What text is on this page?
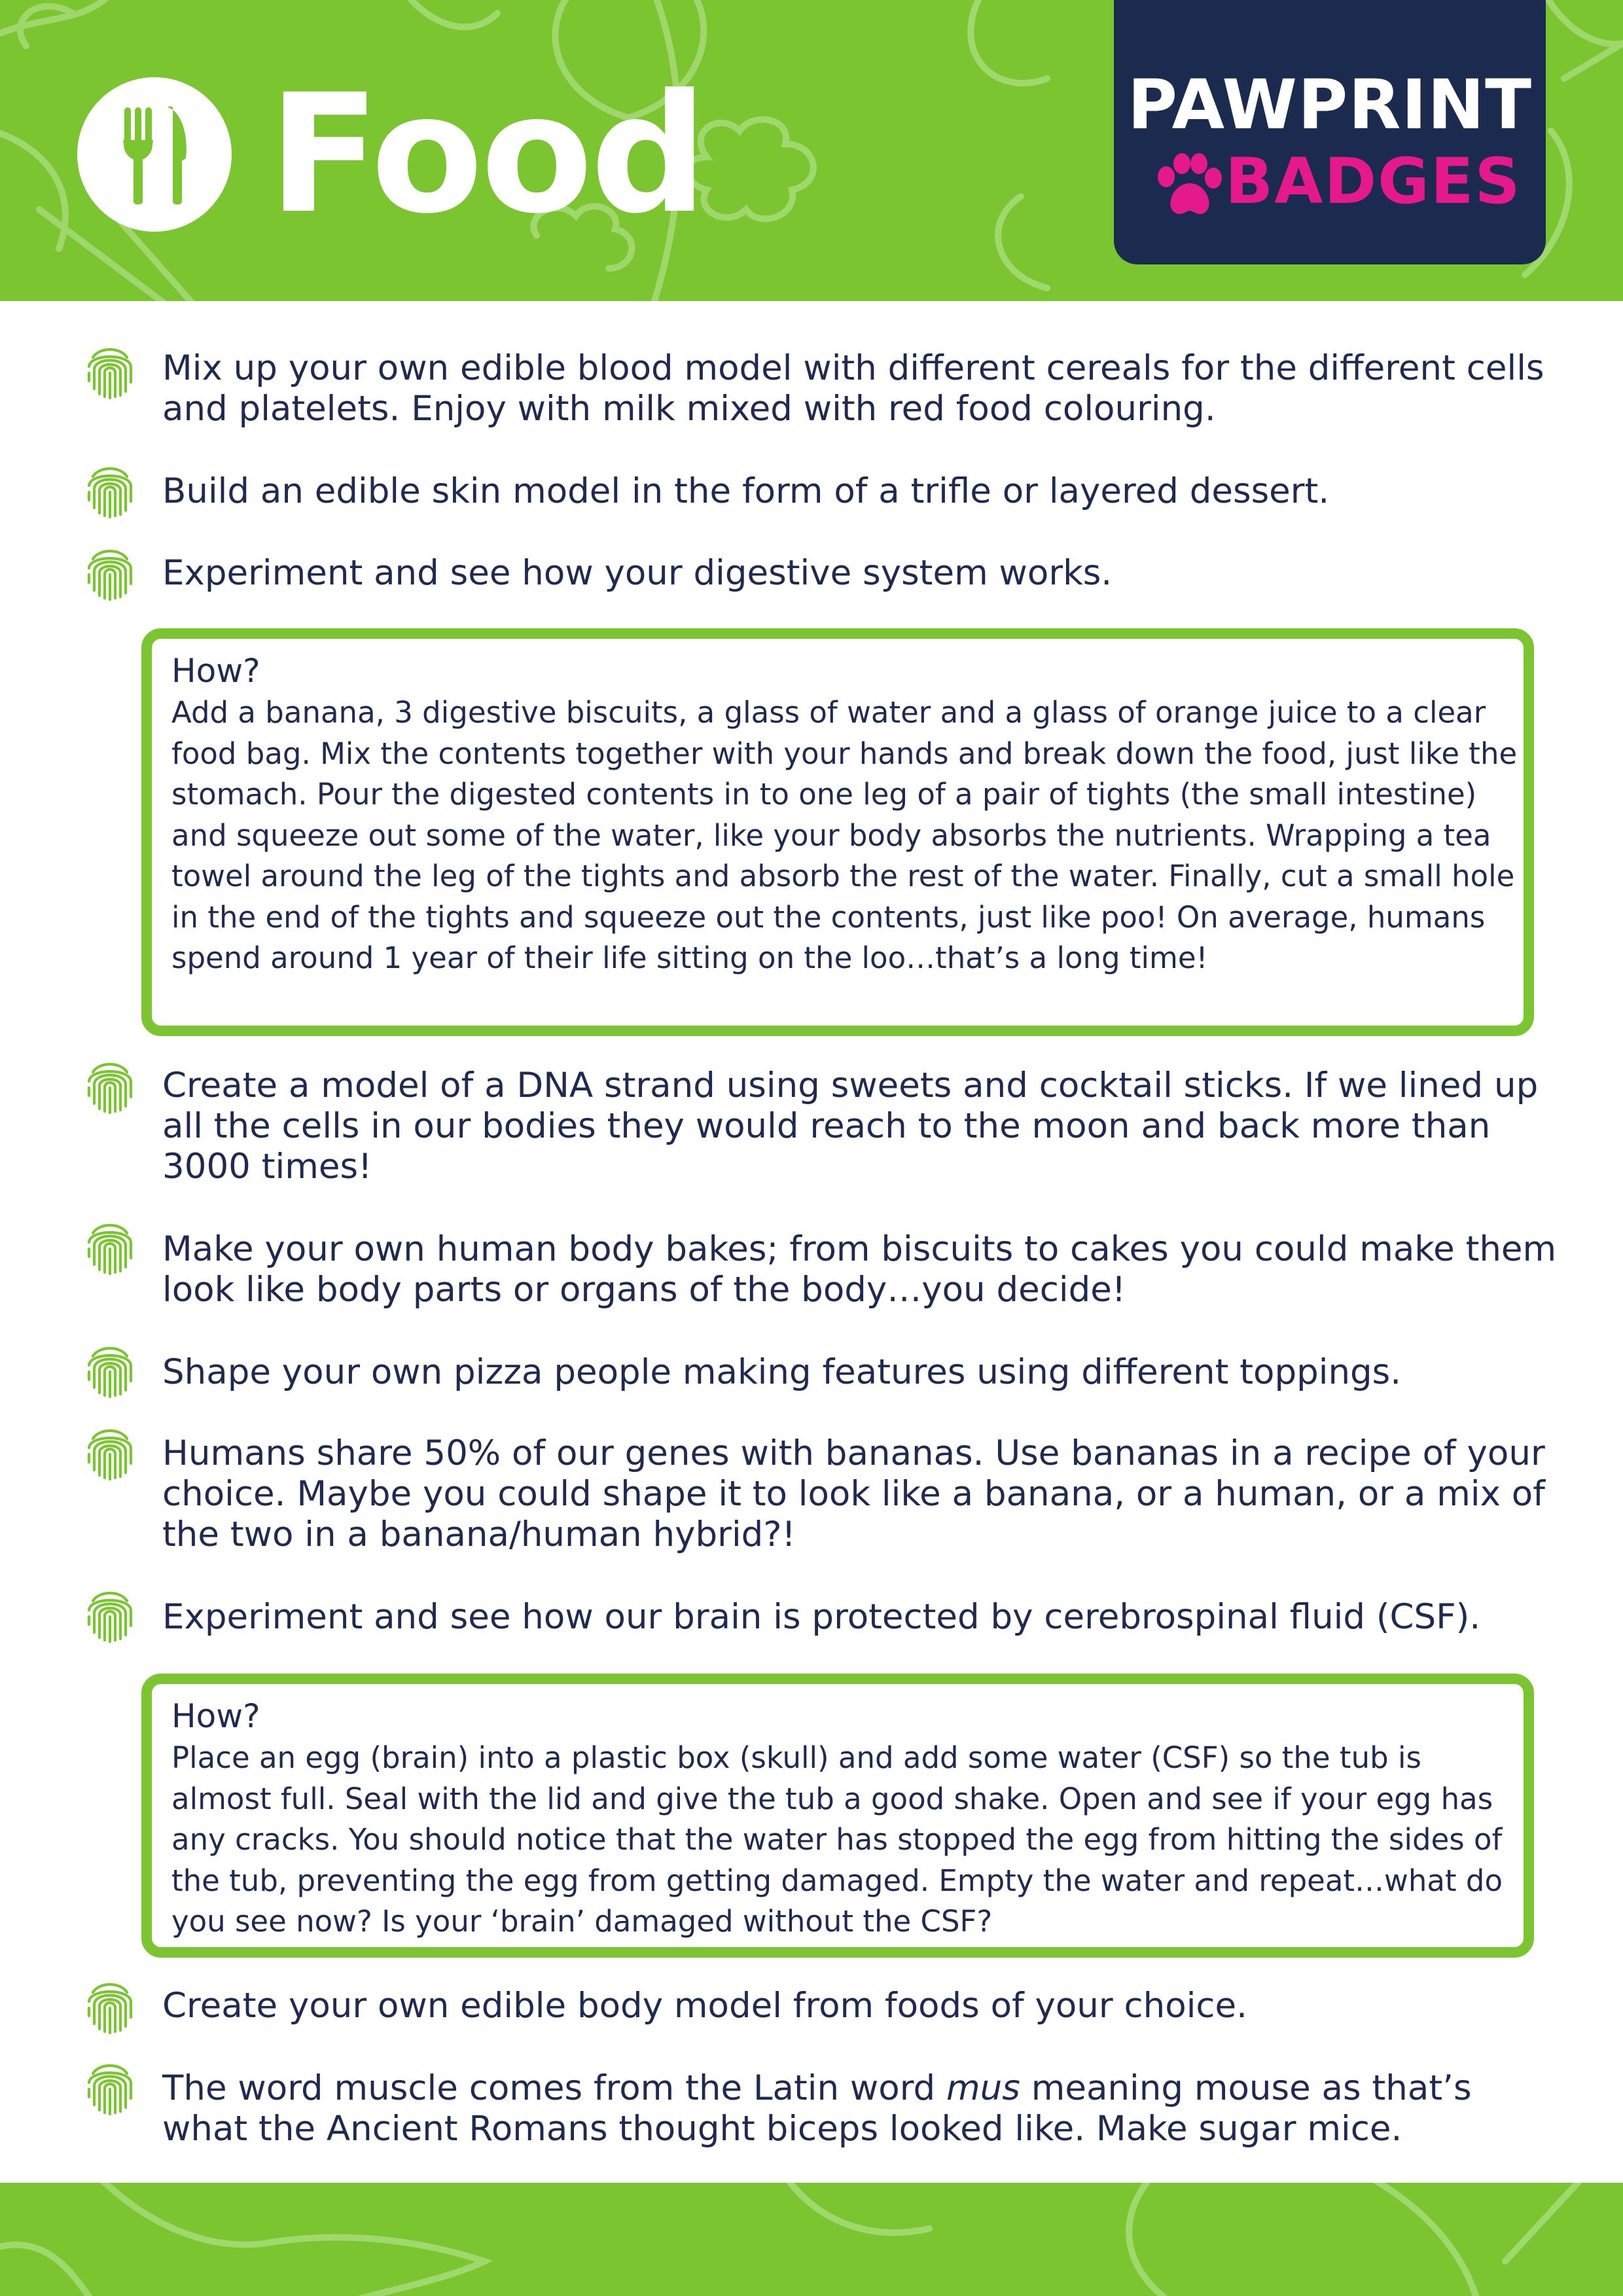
Food	PAWPRINT
BADGES
Mix up your own edible blood model with different cereals for the different cells and platelets. Enjoy with milk mixed with red food colouring.
Build an edible skin model in the form of a trifle or layered dessert.
Experiment and see how your digestive system works.
How?
Add a banana, 3 digestive biscuits, a glass of water and a glass of orange juice to a clear food bag. Mix the contents together with your hands and break down the food, just like the stomach. Pour the digested contents in to one leg of a pair of tights (the small intestine) and squeeze out some of the water, like your body absorbs the nutrients. Wrapping a tea towel around the leg of the tights and absorb the rest of the water. Finally, cut a small hole in the end of the tights and squeeze out the contents, just like poo! On average, humans spend around 1 year of their life sitting on the loo…that’s a long time!
Create a model of a DNA strand using sweets and cocktail sticks. If we lined up all the cells in our bodies they would reach to the moon and back more than 3000 times!
Make your own human body bakes; from biscuits to cakes you could make them look like body parts or organs of the body…you decide!
Shape your own pizza people making features using different toppings.
Humans share 50% of our genes with bananas. Use bananas in a recipe of your choice. Maybe you could shape it to look like a banana, or a human, or a mix of the two in a banana/human hybrid?!
Experiment and see how our brain is protected by cerebrospinal fluid (CSF).
How?
Place an egg (brain) into a plastic box (skull) and add some water (CSF) so the tub is almost full. Seal with the lid and give the tub a good shake. Open and see if your egg has any cracks. You should notice that the water has stopped the egg from hitting the sides of the tub, preventing the egg from getting damaged. Empty the water and repeat…what do you see now? Is your ‘brain’ damaged without the CSF?
Create your own edible body model from foods of your choice.
The word muscle comes from the Latin word mus meaning mouse as that’s what the Ancient Romans thought biceps looked like. Make sugar mice.
